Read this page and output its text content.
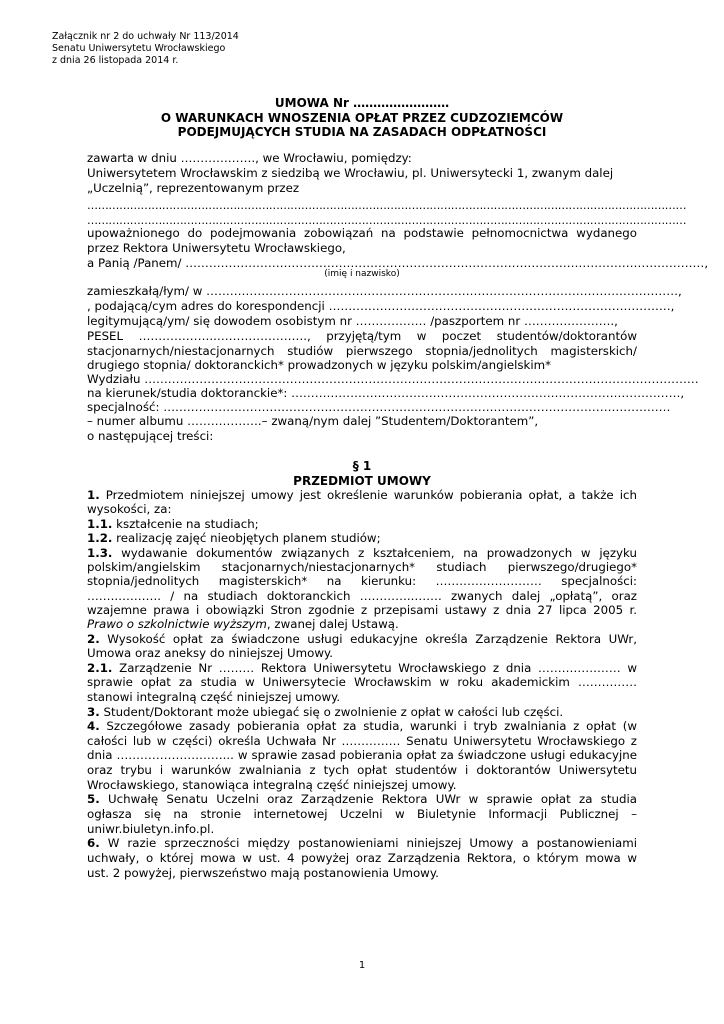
Załącznik nr 2 do uchwały Nr 113/2014
Senatu Uniwersytetu Wrocławskiego
z dnia 26 listopada 2014 r.
UMOWA Nr ……………………
O WARUNKACH WNOSZENIA OPŁAT PRZEZ CUDZOZIEMCÓW
PODEJMUJĄCYCH STUDIA NA ZASADACH ODPŁATNOŚCI
zawarta w dniu ………………., we Wrocławiu, pomiędzy:
Uniwersytetem Wrocławskim z siedzibą we Wrocławiu, pl. Uniwersytecki 1, zwanym dalej
„Uczelnią”, reprezentowanym przez
……………………………………………………………………………………………………………………………………………………
……………………………………………………………………………………………………………………………………………………
upoważnionego do podejmowania zobowiązań na podstawie pełnomocnictwa wydanego
przez Rektora Uniwersytetu Wrocławskiego,
a Panią /Panem/ ……………………………………………………………………………………………………………………,
(imię i nazwisko)
zamieszkałą/łym/ w …………………………………………………………………………………………………………,
, podającą/cym adres do korespondencji ……………………………………………………………………………,
legitymującą/ym/ się dowodem osobistym nr ……………… /paszportem nr …………………..,
PESEL ………………..………………….., przyjętą/tym w poczet studentów/doktorantów
stacjonarnych/niestacjonarnych studiów pierwszego stopnia/jednolitych magisterskich/
drugiego stopnia/ doktoranckich* prowadzonych w języku polskim/angielskim*
Wydziału ……………………………………………………………………………………………………………………………
na kierunek/studia doktoranckie*: ………………………………………………………………………………………,
specjalność: …………………………………………………………………………………………………………………
– numer albumu ……………….– zwaną/nym dalej ”Studentem/Doktorantem”,
o następującej treści:
§ 1
PRZEDMIOT UMOWY
1. Przedmiotem niniejszej umowy jest określenie warunków pobierania opłat, a także ich
wysokości, za:
1.1. kształcenie na studiach;
1.2. realizację zajęć nieobjętych planem studiów;
1.3. wydawanie dokumentów związanych z kształceniem, na prowadzonych w języku
polskim/angielskim stacjonarnych/niestacjonarnych* studiach pierwszego/drugiego*
stopnia/jednolitych magisterskich* na kierunku: ……………………… specjalności:
……..……….. / na studiach doktoranckich …………..……. zwanych dalej „opłatą”, oraz
wzajemne prawa i obowiązki Stron zgodnie z przepisami ustawy z dnia 27 lipca 2005 r.
Prawo o szkolnictwie wyższym, zwanej dalej Ustawą.
2. Wysokość opłat za świadczone usługi edukacyjne określa Zarządzenie Rektora UWr,
Umowa oraz aneksy do niniejszej Umowy.
2.1. Zarządzenie Nr ……… Rektora Uniwersytetu Wrocławskiego z dnia ………………… w
sprawie opłat za studia w Uniwersytecie Wrocławskim w roku akademickim ……………
stanowi integralną część niniejszej umowy.
3. Student/Doktorant może ubiegać się o zwolnienie z opłat w całości lub części.
4. Szczegółowe zasady pobierania opłat za studia, warunki i tryb zwalniania z opłat (w
całości lub w części) określa Uchwała Nr …………… Senatu Uniwersytetu Wrocławskiego z
dnia ………………………... w sprawie zasad pobierania opłat za świadczone usługi edukacyjne
oraz trybu i warunków zwalniania z tych opłat studentów i doktorantów Uniwersytetu
Wrocławskiego, stanowiąca integralną część niniejszej umowy.
5. Uchwałę Senatu Uczelni oraz Zarządzenie Rektora UWr w sprawie opłat za studia
ogłasza się na stronie internetowej Uczelni w Biuletynie Informacji Publicznej –
uniwr.biuletyn.info.pl.
6. W razie sprzeczności między postanowieniami niniejszej Umowy a postanowieniami
uchwały, o której mowa w ust. 4 powyżej oraz Zarządzenia Rektora, o którym mowa w
ust. 2 powyżej, pierwszeństwo mają postanowienia Umowy.
1
